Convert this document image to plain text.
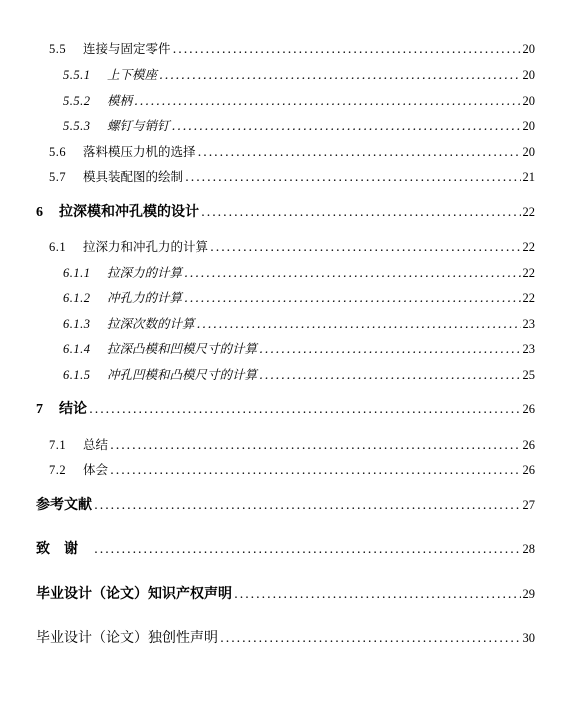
5.5	连接与固定零件 .....	20
5.5.1	上下模座 .....	20
5.5.2	模柄 .....	20
5.5.3	螺钉与销钉 .....	20
5.6	落料模压力机的选择 .....	20
5.7	模具装配图的绘制 .....	21
6	拉深模和冲孔模的设计 .....	22
6.1	拉深力和冲孔力的计算 .....	22
6.1.1	拉深力的计算 .....	22
6.1.2	冲孔力的计算 .....	22
6.1.3	拉深次数的计算 .....	23
6.1.4	拉深凸模和凹模尺寸的计算 .....	23
6.1.5	冲孔凹模和凸模尺寸的计算 .....	25
7	结论 .....	26
7.1	总结 .....	26
7.2	体会 .....	26
参考文献 .....	27
致谢 .....	28
毕业设计（论文）知识产权声明 .....	29
毕业设计（论文）独创性声明 .....	30
